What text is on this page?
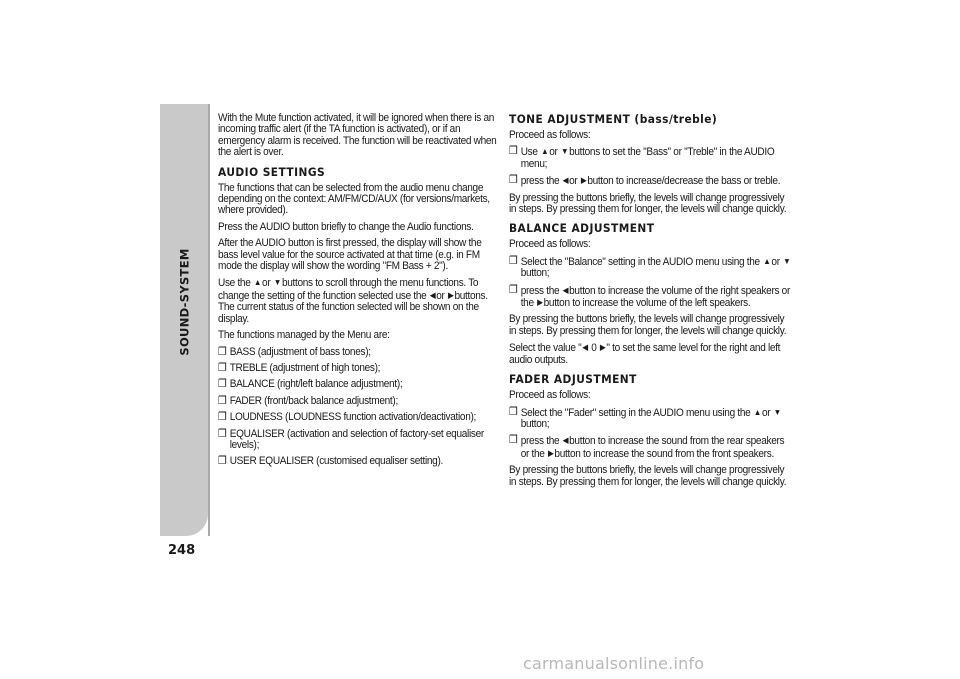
SOUND-SYSTEM
248

With the Mute function activated, it will be ignored when there is an incoming traffic alert (if the TA function is activated), or if an emergency alarm is received. The function will be reactivated when the alert is over.

AUDIO SETTINGS

The functions that can be selected from the audio menu change depending on the context: AM/FM/CD/AUX (for versions/markets, where provided).

Press the AUDIO button briefly to change the Audio functions.

After the AUDIO button is first pressed, the display will show the bass level value for the source activated at that time (e.g. in FM mode the display will show the wording "FM Bass + 2").

Use the ▲or ▼buttons to scroll through the menu functions. To change the setting of the function selected use the ◀or ▶buttons. The current status of the function selected will be shown on the display.

The functions managed by the Menu are:

❐ BASS (adjustment of bass tones);
❐ TREBLE (adjustment of high tones);
❐ BALANCE (right/left balance adjustment);
❐ FADER (front/back balance adjustment);
❐ LOUDNESS (LOUDNESS function activation/deactivation);
❐ EQUALISER (activation and selection of factory-set equaliser levels);
❐ USER EQUALISER (customised equaliser setting).
TONE ADJUSTMENT (bass/treble)

Proceed as follows:

❐ Use ▲or ▼buttons to set the "Bass" or "Treble" in the AUDIO menu;
❐ press the ◀or ▶button to increase/decrease the bass or treble.

By pressing the buttons briefly, the levels will change progressively in steps. By pressing them for longer, the levels will change quickly.

BALANCE ADJUSTMENT

Proceed as follows:

❐ Select the "Balance" setting in the AUDIO menu using the ▲or ▼button;
❐ press the ◀button to increase the volume of the right speakers or the ▶button to increase the volume of the left speakers.

By pressing the buttons briefly, the levels will change progressively in steps. By pressing them for longer, the levels will change quickly.

Select the value "◀ 0 ▶" to set the same level for the right and left audio outputs.

FADER ADJUSTMENT

Proceed as follows:

❐ Select the "Fader" setting in the AUDIO menu using the ▲or ▼button;
❐ press the ◀button to increase the sound from the rear speakers or the ▶button to increase the sound from the front speakers.

By pressing the buttons briefly, the levels will change progressively in steps. By pressing them for longer, the levels will change quickly.

carmanualsonline.info
